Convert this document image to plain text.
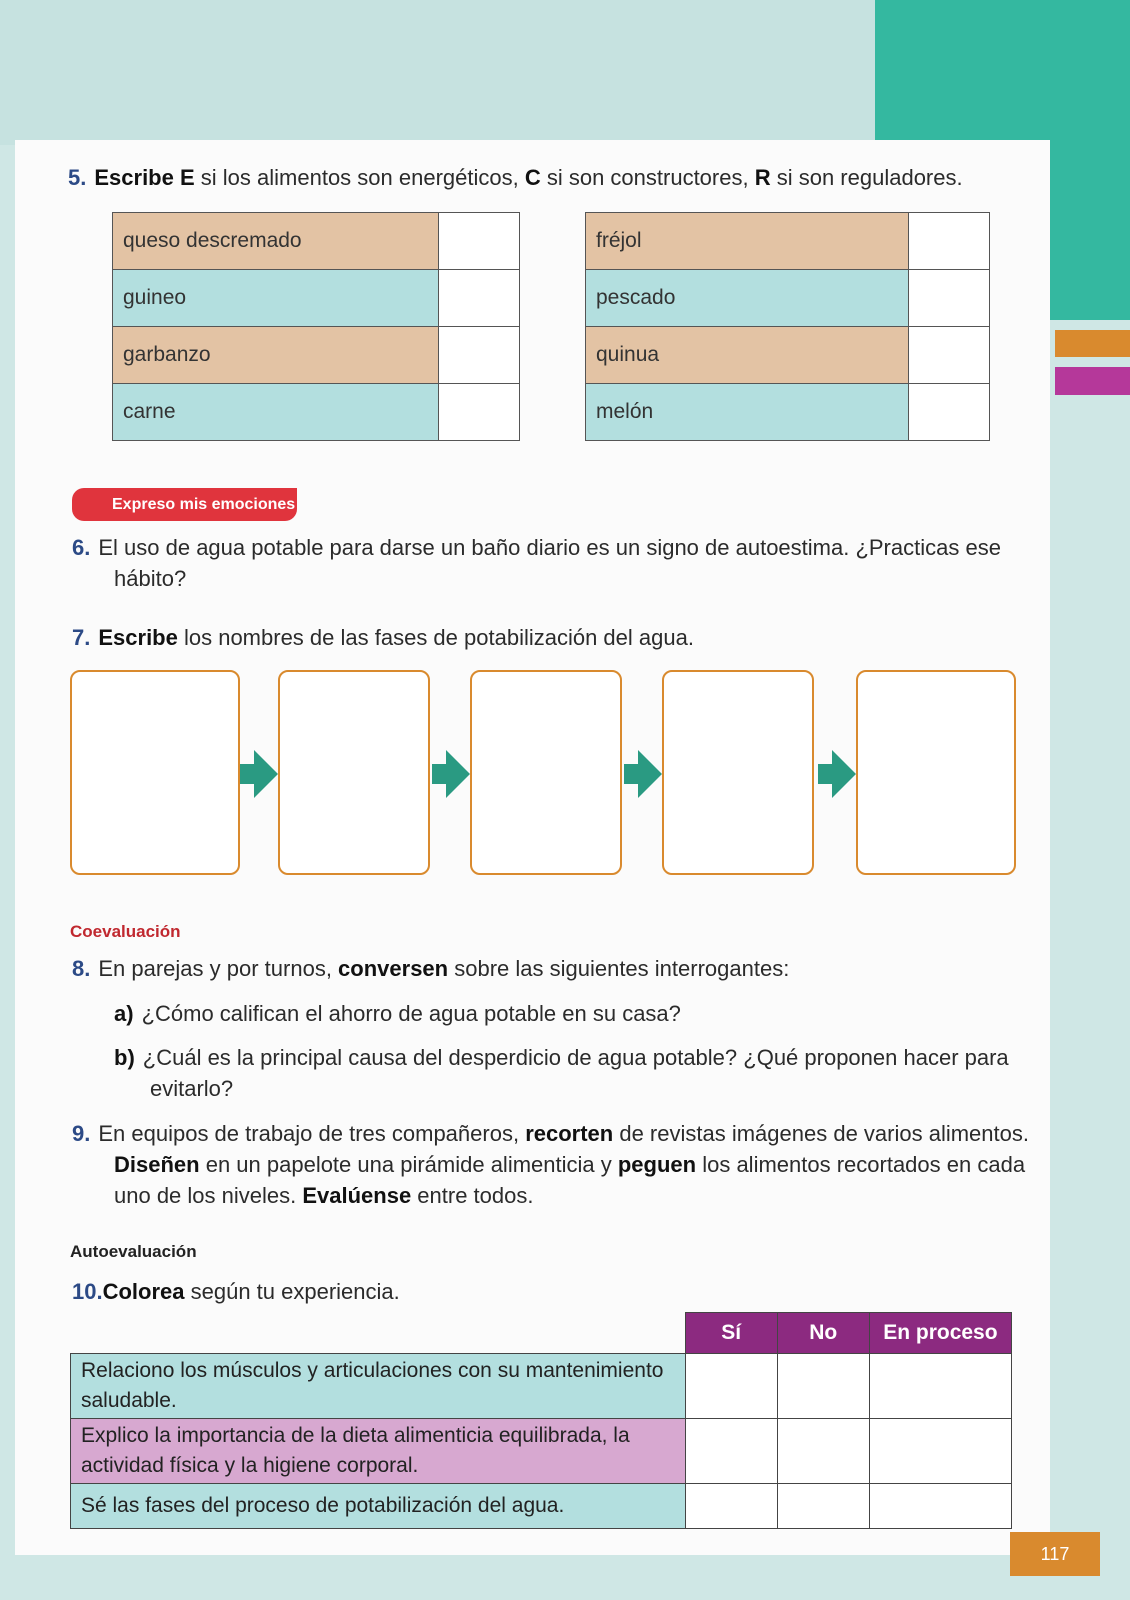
5. Escribe E si los alimentos son energéticos, C si son constructores, R si son reguladores.
queso descremado	
guineo	
garbanzo	
carne	
fréjol	
pescado	
quinua	
melón	
Expreso mis emociones
6. El uso de agua potable para darse un baño diario es un signo de autoestima. ¿Practicas ese hábito?
7. Escribe los nombres de las fases de potabilización del agua.
Coevaluación
8. En parejas y por turnos, conversen sobre las siguientes interrogantes:
a) ¿Cómo califican el ahorro de agua potable en su casa?
b) ¿Cuál es la principal causa del desperdicio de agua potable? ¿Qué proponen hacer para evitarlo?
9. En equipos de trabajo de tres compañeros, recorten de revistas imágenes de varios alimentos. Diseñen en un papelote una pirámide alimenticia y peguen los alimentos recortados en cada uno de los niveles. Evalúense entre todos.
Autoevaluación
10.Colorea según tu experiencia.
	Sí	No	En proceso
Relaciono los músculos y articulaciones con su mantenimiento saludable.			
Explico la importancia de la dieta alimenticia equilibrada, la actividad física y la higiene corporal.			
Sé las fases del proceso de potabilización del agua.			
117
